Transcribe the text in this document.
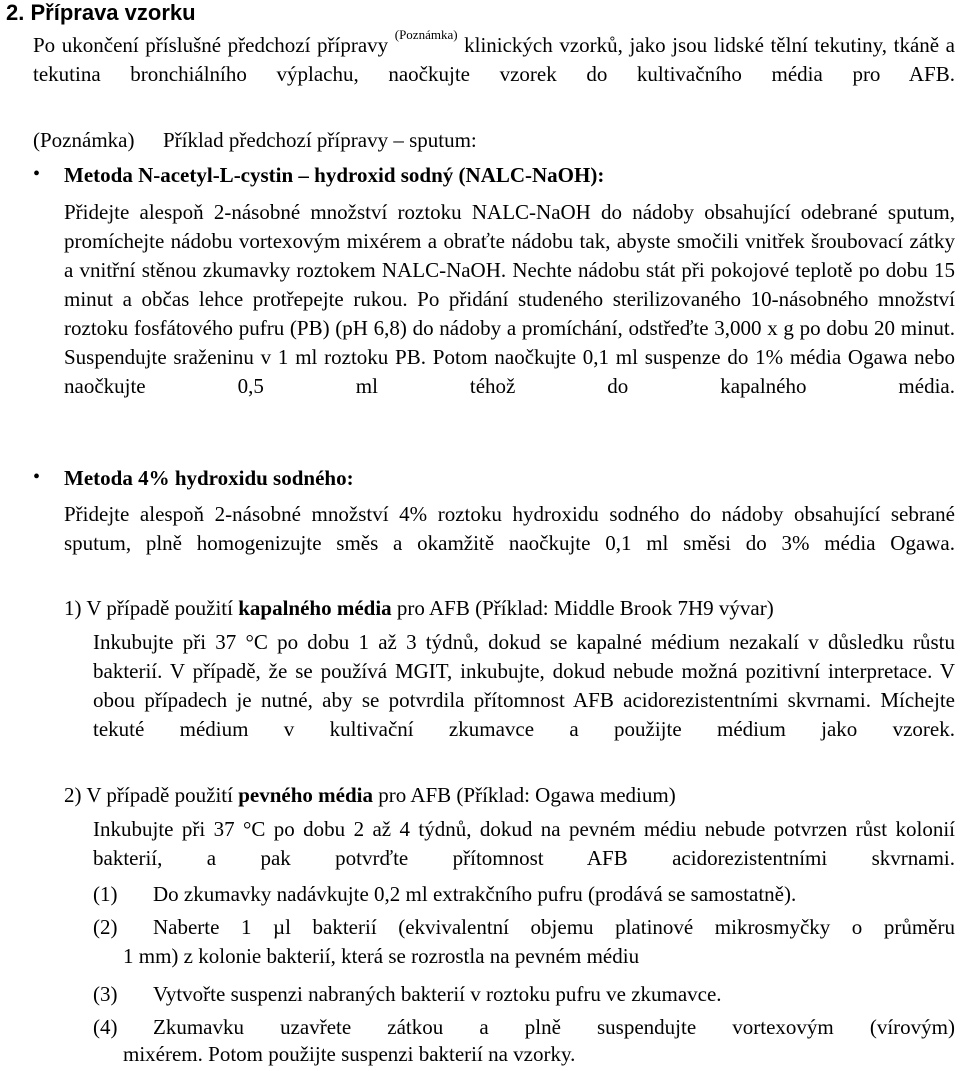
2. Příprava vzorku
Po ukončení příslušné předchozí přípravy $^{(Poznámka)}$ klinických vzorků, jako jsou lidské tělní tekutiny, tkáně a tekutina bronchiálního výplachu, naočkujte vzorek do kultivačního média pro AFB.
(Poznámka) Příklad předchozí přípravy – sputum:
• Metoda N-acetyl-L-cystin – hydroxid sodný (NALC-NaOH):
Přidejte alespoň 2-násobné množství roztoku NALC-NaOH do nádoby obsahující odebrané sputum, promíchejte nádobu vortexovým mixérem a obraťte nádobu tak, abyste smočili vnitřek šroubovací zátky a vnitřní stěnou zkumavky roztokem NALC-NaOH. Nechte nádobu stát při pokojové teplotě po dobu 15 minut a občas lehce protřepejte rukou. Po přidání studeného sterilizovaného 10-násobného množství roztoku fosfátového pufru (PB) (pH 6,8) do nádoby a promíchání, odstřeďte 3,000 x g po dobu 20 minut. Suspendujte sraženinu v 1 ml roztoku PB. Potom naočkujte 0,1 ml suspenze do 1% média Ogawa nebo naočkujte 0,5 ml téhož do kapalného média.
• Metoda 4% hydroxidu sodného:
Přidejte alespoň 2-násobné množství 4% roztoku hydroxidu sodného do nádoby obsahující sebrané sputum, plně homogenizujte směs a okamžitě naočkujte 0,1 ml směsi do 3% média Ogawa.
1) V případě použití kapalného média pro AFB (Příklad: Middle Brook 7H9 vývar)
Inkubujte při 37 °C po dobu 1 až 3 týdnů, dokud se kapalné médium nezakalí v důsledku růstu bakterií. V případě, že se používá MGIT, inkubujte, dokud nebude možná pozitivní interpretace. V obou případech je nutné, aby se potvrdila přítomnost AFB acidorezistentními skvrnami. Míchejte tekuté médium v kultivační zkumavce a použijte médium jako vzorek.
2) V případě použití pevného média pro AFB (Příklad: Ogawa medium)
Inkubujte při 37 °C po dobu 2 až 4 týdnů, dokud na pevném médiu nebude potvrzen růst kolonií bakterií, a pak potvrďte přítomnost AFB acidorezistentními skvrnami.
(1) Do zkumavky nadávkujte 0,2 ml extrakčního pufru (prodává se samostatně).
(2) Naberte 1 µl bakterií (ekvivalentní objemu platinové mikrosmyčky o průměru
1 mm) z kolonie bakterií, která se rozrostla na pevném médiu
(3) Vytvořte suspenzi nabraných bakterií v roztoku pufru ve zkumavce.
(4) Zkumavku uzavřete zátkou a plně suspendujte vortexovým (vírovým)
mixérem. Potom použijte suspenzi bakterií na vzorky.
